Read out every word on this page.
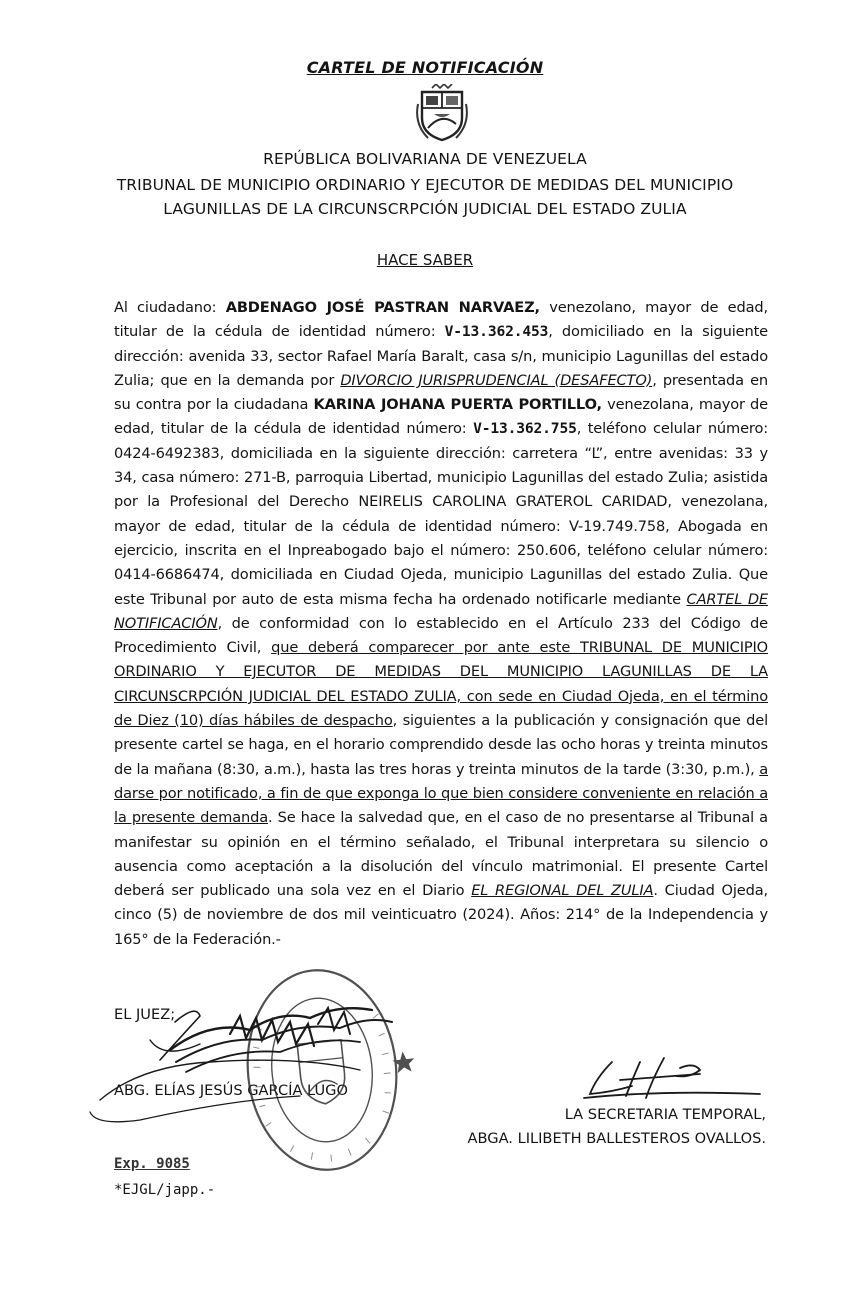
CARTEL DE NOTIFICACIÓN
REPÚBLICA BOLIVARIANA DE VENEZUELA
TRIBUNAL DE MUNICIPIO ORDINARIO Y EJECUTOR DE MEDIDAS DEL MUNICIPIO
LAGUNILLAS DE LA CIRCUNSCRPCIÓN JUDICIAL DEL ESTADO ZULIA
HACE SABER
Al ciudadano: ABDENAGO JOSÉ PASTRAN NARVAEZ, venezolano, mayor de edad, titular de la cédula de identidad número: V-13.362.453, domiciliado en la siguiente dirección: avenida 33, sector Rafael María Baralt, casa s/n, municipio Lagunillas del estado Zulia; que en la demanda por DIVORCIO JURISPRUDENCIAL (DESAFECTO), presentada en su contra por la ciudadana KARINA JOHANA PUERTA PORTILLO, venezolana, mayor de edad, titular de la cédula de identidad número: V-13.362.755, teléfono celular número: 0424-6492383, domiciliada en la siguiente dirección: carretera “L”, entre avenidas: 33 y 34, casa número: 271-B, parroquia Libertad, municipio Lagunillas del estado Zulia; asistida por la Profesional del Derecho NEIRELIS CAROLINA GRATEROL CARIDAD, venezolana, mayor de edad, titular de la cédula de identidad número: V-19.749.758, Abogada en ejercicio, inscrita en el Inpreabogado bajo el número: 250.606, teléfono celular número: 0414-6686474, domiciliada en Ciudad Ojeda, municipio Lagunillas del estado Zulia. Que este Tribunal por auto de esta misma fecha ha ordenado notificarle mediante CARTEL DE NOTIFICACIÓN, de conformidad con lo establecido en el Artículo 233 del Código de Procedimiento Civil, que deberá comparecer por ante este TRIBUNAL DE MUNICIPIO ORDINARIO Y EJECUTOR DE MEDIDAS DEL MUNICIPIO LAGUNILLAS DE LA CIRCUNSCRPCIÓN JUDICIAL DEL ESTADO ZULIA, con sede en Ciudad Ojeda, en el término de Diez (10) días hábiles de despacho, siguientes a la publicación y consignación que del presente cartel se haga, en el horario comprendido desde las ocho horas y treinta minutos de la mañana (8:30, a.m.), hasta las tres horas y treinta minutos de la tarde (3:30, p.m.), a darse por notificado, a fin de que exponga lo que bien considere conveniente en relación a la presente demanda. Se hace la salvedad que, en el caso de no presentarse al Tribunal a manifestar su opinión en el término señalado, el Tribunal interpretara su silencio o ausencia como aceptación a la disolución del vínculo matrimonial. El presente Cartel deberá ser publicado una sola vez en el Diario EL REGIONAL DEL ZULIA. Ciudad Ojeda, cinco (5) de noviembre de dos mil veinticuatro (2024). Años: 214° de la Independencia y 165° de la Federación.-
EL JUEZ;
ABG. ELÍAS JESÚS GARCÍA LUGO
LA SECRETARIA TEMPORAL,
ABGA. LILIBETH BALLESTEROS OVALLOS.
Exp. 9085
*EJGL/japp.-
